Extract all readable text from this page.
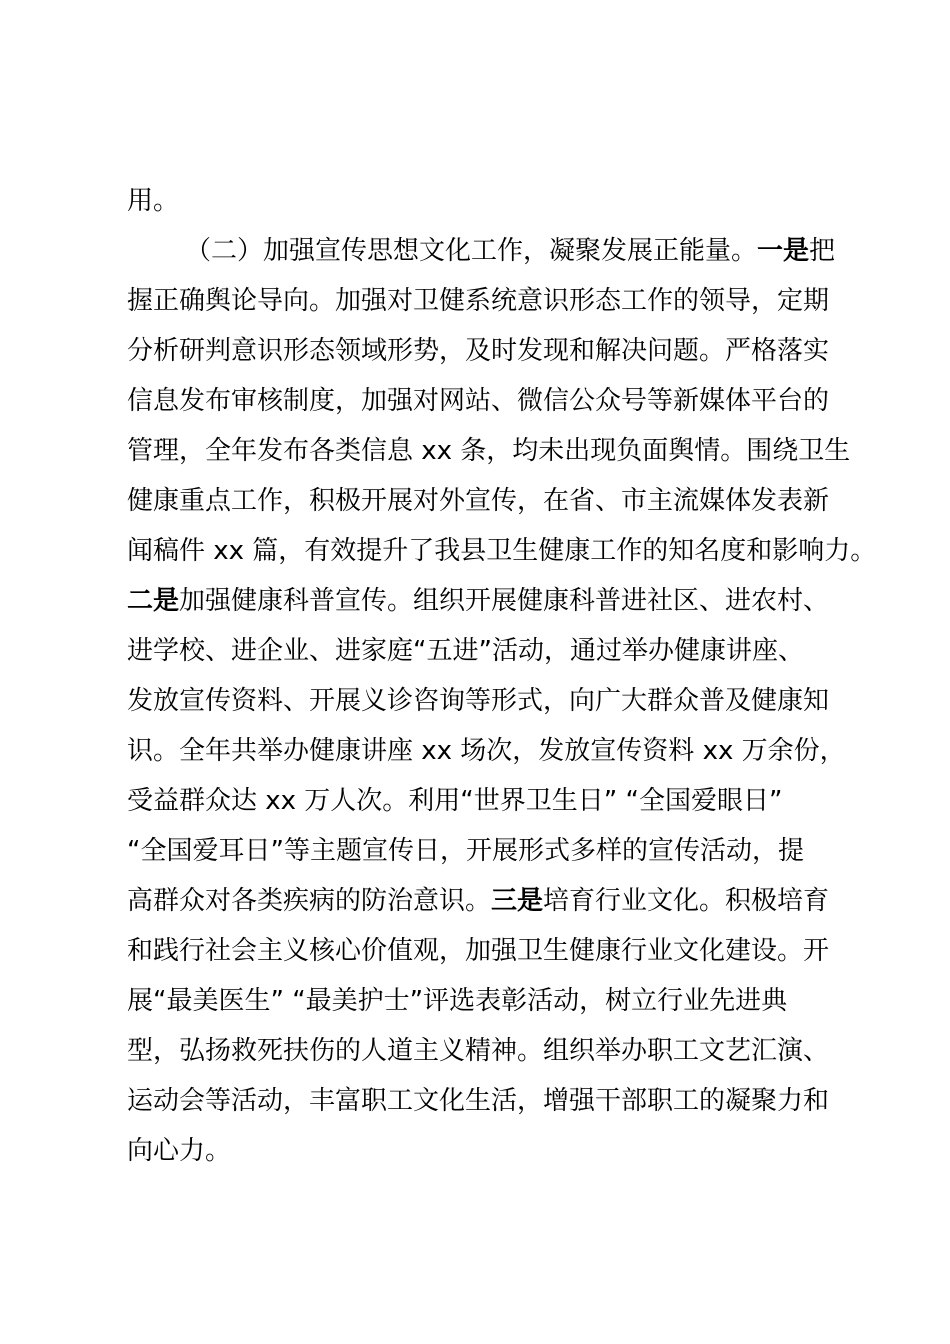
用。
（二）加强宣传思想文化工作，凝聚发展正能量。一是把
握正确舆论导向。加强对卫健系统意识形态工作的领导，定期
分析研判意识形态领域形势，及时发现和解决问题。严格落实
信息发布审核制度，加强对网站、微信公众号等新媒体平台的
管理，全年发布各类信息 xx 条，均未出现负面舆情。围绕卫生
健康重点工作，积极开展对外宣传，在省、市主流媒体发表新
闻稿件 xx 篇，有效提升了我县卫生健康工作的知名度和影响力。
二是加强健康科普宣传。组织开展健康科普进社区、进农村、
进学校、进企业、进家庭“五进”活动，通过举办健康讲座、
发放宣传资料、开展义诊咨询等形式，向广大群众普及健康知
识。全年共举办健康讲座 xx 场次，发放宣传资料 xx 万余份，
受益群众达 xx 万人次。利用“世界卫生日” “全国爱眼日”
“全国爱耳日”等主题宣传日，开展形式多样的宣传活动，提
高群众对各类疾病的防治意识。三是培育行业文化。积极培育
和践行社会主义核心价值观，加强卫生健康行业文化建设。开
展“最美医生” “最美护士”评选表彰活动，树立行业先进典
型，弘扬救死扶伤的人道主义精神。组织举办职工文艺汇演、
运动会等活动，丰富职工文化生活，增强干部职工的凝聚力和
向心力。
